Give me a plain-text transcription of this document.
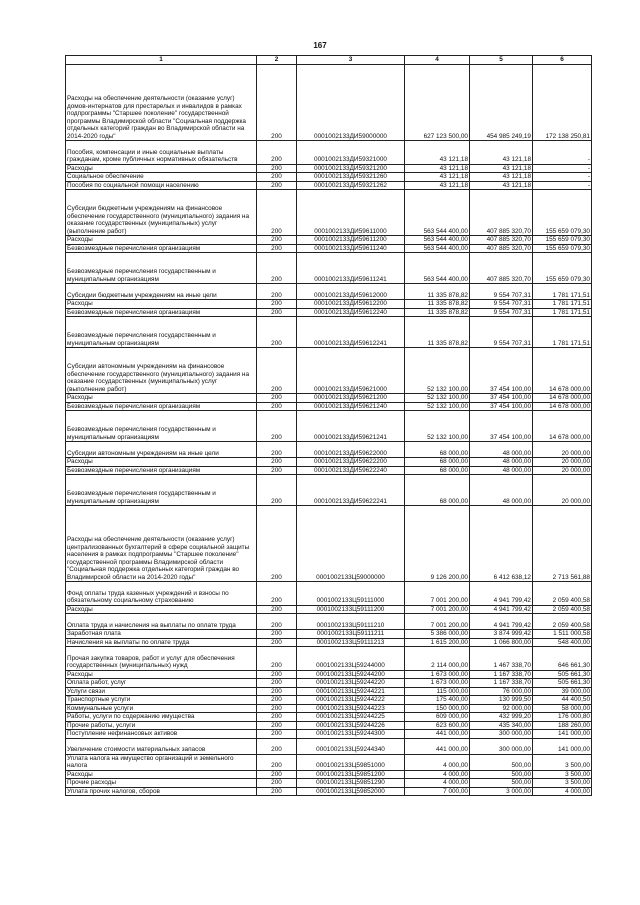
167
1	2	3	4	5	6
Расходы на обеспечение деятельности (оказание услуг) домов-интернатов для престарелых и инвалидов в рамках подпрограммы "Старшее поколение" государственной программы Владимирской области "Социальная поддержка отдельных категорий граждан во Владимирской области на 2014-2020 годы"	200	0001002133ДИ59000000	627 123 500,00	454 985 249,19	172 138 250,81
Пособия, компенсации и иные социальные выплаты гражданам, кроме публичных нормативных обязательств	200	0001002133ДИ59321000	43 121,18	43 121,18	-
Расходы	200	0001002133ДИ59321200	43 121,18	43 121,18	-
Социальное обеспечение	200	0001002133ДИ59321260	43 121,18	43 121,18	-
Пособия по социальной помощи населению	200	0001002133ДИ59321262	43 121,18	43 121,18	-
Субсидии бюджетным учреждениям на финансовое обеспечение государственного (муниципального) задания на оказание государственных (муниципальных) услуг (выполнение работ)	200	0001002133ДИ59611000	563 544 400,00	407 885 320,70	155 659 079,30
Расходы	200	0001002133ДИ59611200	563 544 400,00	407 885 320,70	155 659 079,30
Безвозмездные перечисления организациям	200	0001002133ДИ59611240	563 544 400,00	407 885 320,70	155 659 079,30
Безвозмездные перечисления государственным и муниципальным организациям	200	0001002133ДИ59611241	563 544 400,00	407 885 320,70	155 659 079,30
Субсидии бюджетным учреждениям на иные цели	200	0001002133ДИ59612000	11 335 878,82	9 554 707,31	1 781 171,51
Расходы	200	0001002133ДИ59612200	11 335 878,82	9 554 707,31	1 781 171,51
Безвозмездные перечисления организациям	200	0001002133ДИ59612240	11 335 878,82	9 554 707,31	1 781 171,51
Безвозмездные перечисления государственным и муниципальным организациям	200	0001002133ДИ59612241	11 335 878,82	9 554 707,31	1 781 171,51
Субсидии автономным учреждениям на финансовое обеспечение государственного (муниципального) задания на оказание государственных (муниципальных) услуг (выполнение работ)	200	0001002133ДИ59621000	52 132 100,00	37 454 100,00	14 678 000,00
Расходы	200	0001002133ДИ59621200	52 132 100,00	37 454 100,00	14 678 000,00
Безвозмездные перечисления организациям	200	0001002133ДИ59621240	52 132 100,00	37 454 100,00	14 678 000,00
Безвозмездные перечисления государственным и муниципальным организациям	200	0001002133ДИ59621241	52 132 100,00	37 454 100,00	14 678 000,00
Субсидии автономным учреждениям на иные цели	200	0001002133ДИ59622000	68 000,00	48 000,00	20 000,00
Расходы	200	0001002133ДИ59622200	68 000,00	48 000,00	20 000,00
Безвозмездные перечисления организациям	200	0001002133ДИ59622240	68 000,00	48 000,00	20 000,00
Безвозмездные перечисления государственным и муниципальным организациям	200	0001002133ДИ59622241	68 000,00	48 000,00	20 000,00
Расходы на обеспечение деятельности (оказание услуг) централизованных бухгалтерий в сфере социальной защиты населения в рамках подпрограммы "Старшее поколение" государственной программы Владимирской области "Социальная поддержка отдельных категорий граждан во Владимирской области на 2014-2020 годы"	200	0001002133Ц59000000	9 126 200,00	6 412 638,12	2 713 561,88
Фонд оплаты труда казенных учреждений и взносы по обязательному социальному страхованию	200	0001002133Ц59111000	7 001 200,00	4 941 799,42	2 059 400,58
Расходы	200	0001002133Ц59111200	7 001 200,00	4 941 799,42	2 059 400,58
Оплата труда и начисления на выплаты по оплате труда	200	0001002133Ц59111210	7 001 200,00	4 941 799,42	2 059 400,58
Заработная плата	200	0001002133Ц59111211	5 386 000,00	3 874 999,42	1 511 000,58
Начисления на выплаты по оплате труда	200	0001002133Ц59111213	1 615 200,00	1 066 800,00	548 400,00
Прочая закупка товаров, работ и услуг для обеспечения государственных (муниципальных) нужд	200	0001002133Ц59244000	2 114 000,00	1 467 338,70	646 661,30
Расходы	200	0001002133Ц59244200	1 673 000,00	1 167 338,70	505 661,30
Оплата работ, услуг	200	0001002133Ц59244220	1 673 000,00	1 167 338,70	505 661,30
Услуги связи	200	0001002133Ц59244221	115 000,00	76 000,00	39 000,00
Транспортные услуги	200	0001002133Ц59244222	175 400,00	130 999,50	44 400,50
Коммунальные услуги	200	0001002133Ц59244223	150 000,00	92 000,00	58 000,00
Работы, услуги по содержанию имущества	200	0001002133Ц59244225	609 000,00	432 999,20	176 000,80
Прочие работы, услуги	200	0001002133Ц59244226	623 600,00	435 340,00	188 260,00
Поступление нефинансовых активов	200	0001002133Ц59244300	441 000,00	300 000,00	141 000,00
Увеличение стоимости материальных запасов	200	0001002133Ц59244340	441 000,00	300 000,00	141 000,00
Уплата налога на имущество организаций и земельного налога	200	0001002133Ц59851000	4 000,00	500,00	3 500,00
Расходы	200	0001002133Ц59851200	4 000,00	500,00	3 500,00
Прочие расходы	200	0001002133Ц59851290	4 000,00	500,00	3 500,00
Уплата прочих налогов, сборов	200	0001002133Ц59852000	7 000,00	3 000,00	4 000,00
